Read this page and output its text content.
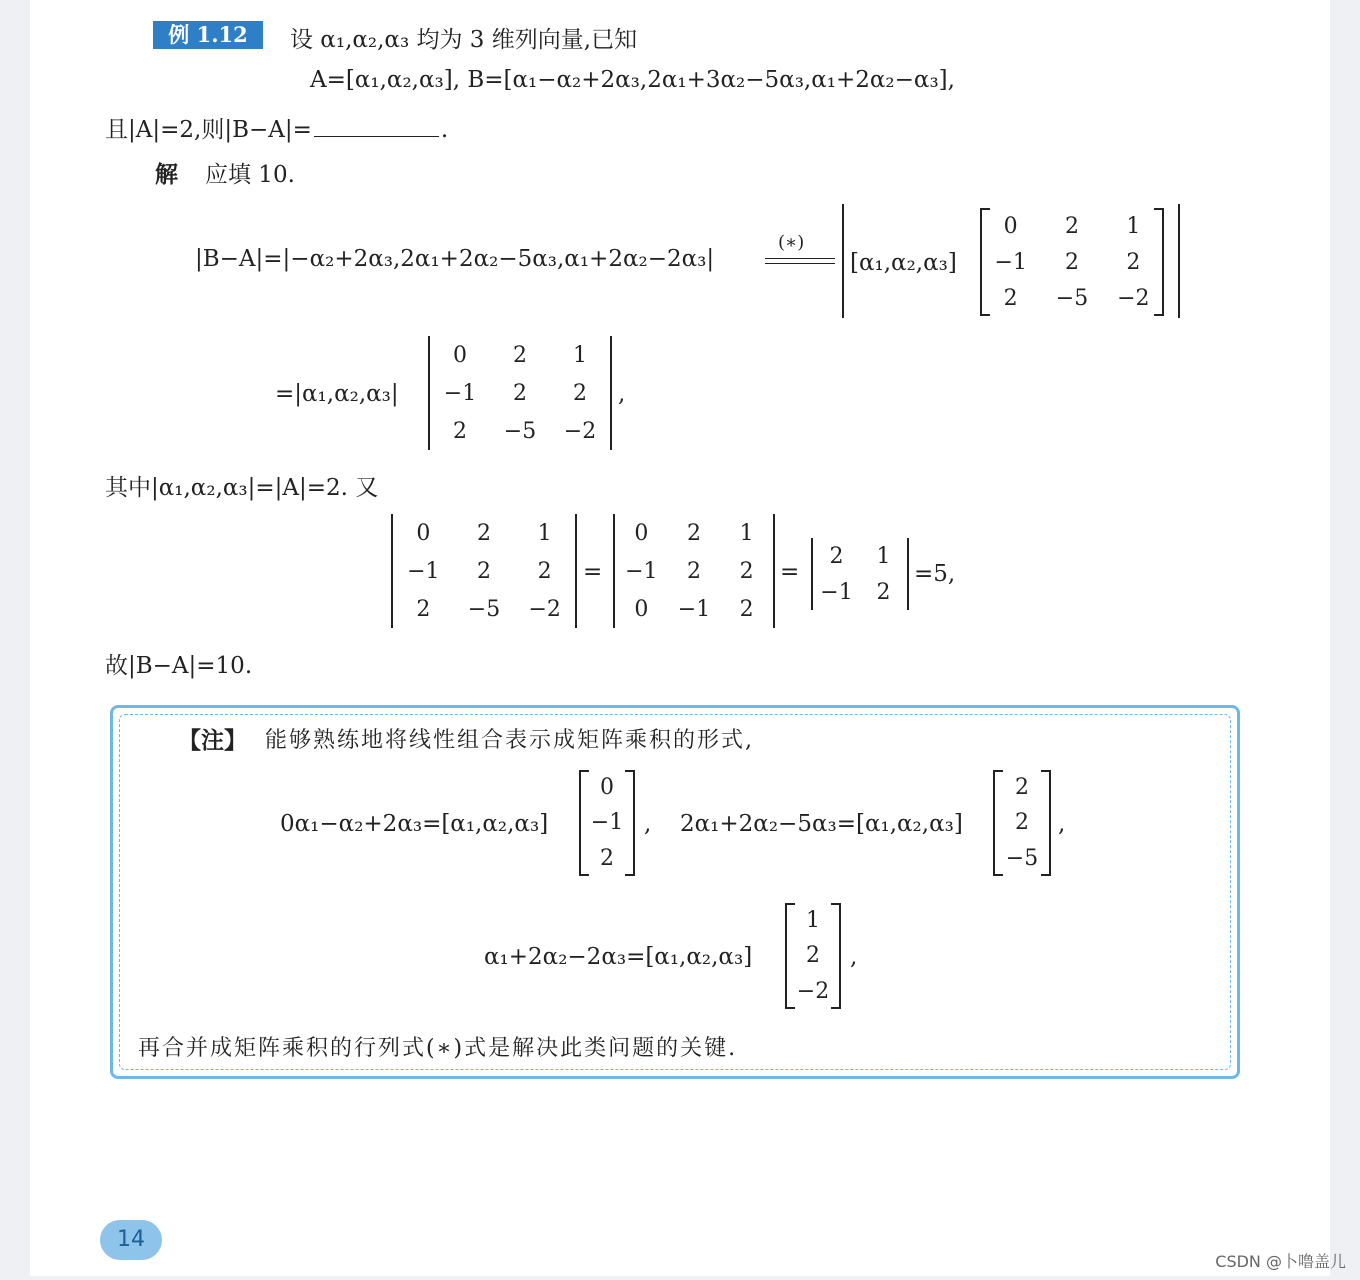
例 1.12	设 α₁,α₂,α₃ 均为 3 维列向量,已知
A=[α₁,α₂,α₃], B=[α₁−α₂+2α₃,2α₁+3α₂−5α₃,α₁+2α₂−α₃],
且|A|=2,则|B−A|=	.
解 应填 10.
|B−A|=|−α₂+2α₃,2α₁+2α₂−5α₃,α₁+2α₂−2α₃|
(∗)
[α₁,α₂,α₃]
0 2 1
−1 2 2
2 −5 −2
=|α₁,α₂,α₃|
0 2 1
−1 2 2
2 −5 −2
,
其中|α₁,α₂,α₃|=|A|=2. 又
0 2 1
−1 2 2
2 −5 −2
=
0 2 1
−1 2 2
0 −1 2
=
2 1
−1 2
=5,
故|B−A|=10.
【注】 能够熟练地将线性组合表示成矩阵乘积的形式,
0α₁−α₂+2α₃=[α₁,α₂,α₃]
0
−1
2
, 2α₁+2α₂−5α₃=[α₁,α₂,α₃]
2
2
−5
,
α₁+2α₂−2α₃=[α₁,α₂,α₃]
1
2
−2
,
再合并成矩阵乘积的行列式(∗)式是解决此类问题的关键.
14
CSDN @卜噜盖儿
